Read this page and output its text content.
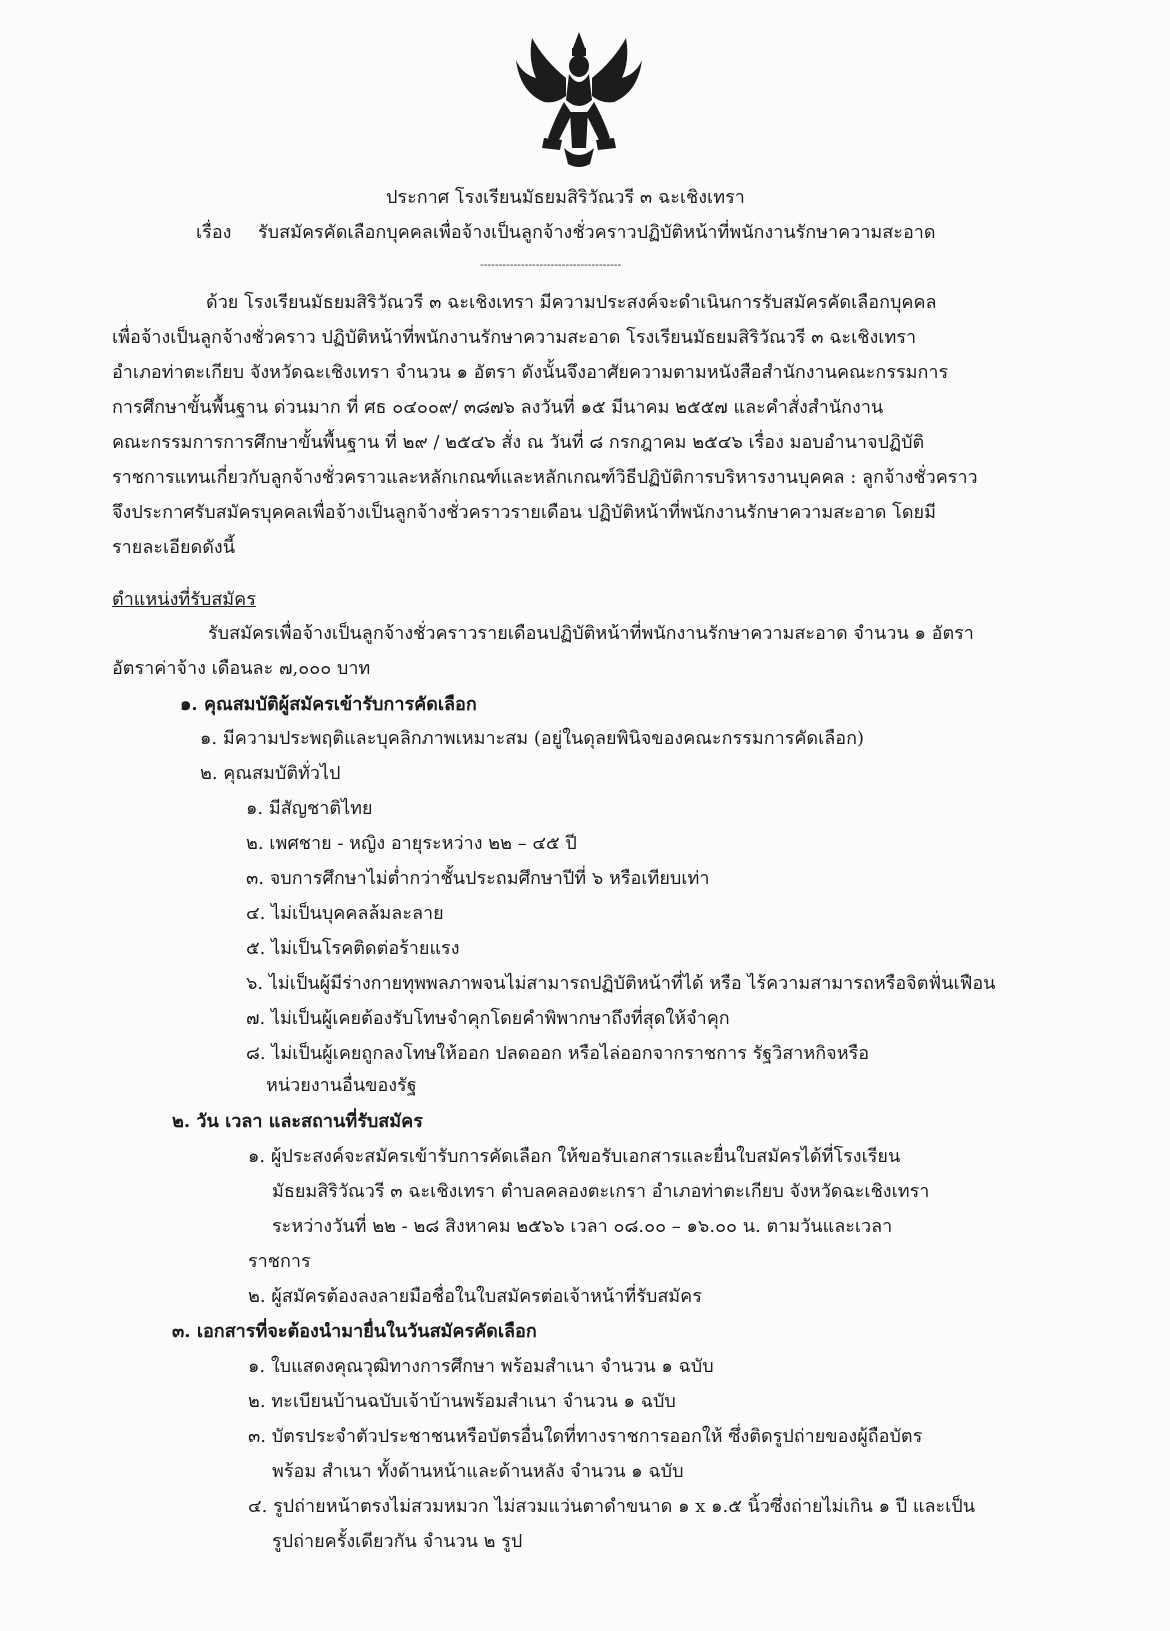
ประกาศ โรงเรียนมัธยมสิริวัณวรี ๓ ฉะเชิงเทรา
เรื่อง รับสมัครคัดเลือกบุคคลเพื่อจ้างเป็นลูกจ้างชั่วคราวปฏิบัติหน้าที่พนักงานรักษาความสะอาด
--------------------------------------
ด้วย โรงเรียนมัธยมสิริวัณวรี ๓ ฉะเชิงเทรา มีความประสงค์จะดำเนินการรับสมัครคัดเลือกบุคคล
เพื่อจ้างเป็นลูกจ้างชั่วคราว ปฏิบัติหน้าที่พนักงานรักษาความสะอาด โรงเรียนมัธยมสิริวัณวรี ๓ ฉะเชิงเทรา
อำเภอท่าตะเกียบ จังหวัดฉะเชิงเทรา จำนวน ๑ อัตรา ดังนั้นจึงอาศัยความตามหนังสือสำนักงานคณะกรรมการ
การศึกษาขั้นพื้นฐาน ด่วนมาก ที่ ศธ ๐๔๐๐๙/ ๓๘๗๖ ลงวันที่ ๑๕ มีนาคม ๒๕๕๗ และคำสั่งสำนักงาน
คณะกรรมการการศึกษาขั้นพื้นฐาน ที่ ๒๙ / ๒๕๔๖ สั่ง ณ วันที่ ๘ กรกฎาคม ๒๕๔๖ เรื่อง มอบอำนาจปฏิบัติ
ราชการแทนเกี่ยวกับลูกจ้างชั่วคราวและหลักเกณฑ์และหลักเกณฑ์วิธีปฏิบัติการบริหารงานบุคคล : ลูกจ้างชั่วคราว
จึงประกาศรับสมัครบุคคลเพื่อจ้างเป็นลูกจ้างชั่วคราวรายเดือน ปฏิบัติหน้าที่พนักงานรักษาความสะอาด โดยมี
รายละเอียดดังนี้
ตำแหน่งที่รับสมัคร
รับสมัครเพื่อจ้างเป็นลูกจ้างชั่วคราวรายเดือนปฏิบัติหน้าที่พนักงานรักษาความสะอาด จำนวน ๑ อัตรา
อัตราค่าจ้าง เดือนละ ๗,๐๐๐ บาท
๑. คุณสมบัติผู้สมัครเข้ารับการคัดเลือก
๑. มีความประพฤติและบุคลิกภาพเหมาะสม (อยู่ในดุลยพินิจของคณะกรรมการคัดเลือก)
๒. คุณสมบัติทั่วไป
๑. มีสัญชาติไทย
๒. เพศชาย - หญิง อายุระหว่าง ๒๒ – ๔๕ ปี
๓. จบการศึกษาไม่ต่ำกว่าชั้นประถมศึกษาปีที่ ๖ หรือเทียบเท่า
๔. ไม่เป็นบุคคลล้มละลาย
๕. ไม่เป็นโรคติดต่อร้ายแรง
๖. ไม่เป็นผู้มีร่างกายทุพพลภาพจนไม่สามารถปฏิบัติหน้าที่ได้ หรือ ไร้ความสามารถหรือจิตฟั่นเฟือน
๗. ไม่เป็นผู้เคยต้องรับโทษจำคุกโดยคำพิพากษาถึงที่สุดให้จำคุก
๘. ไม่เป็นผู้เคยถูกลงโทษให้ออก ปลดออก หรือไล่ออกจากราชการ รัฐวิสาหกิจหรือ
หน่วยงานอื่นของรัฐ
๒. วัน เวลา และสถานที่รับสมัคร
๑. ผู้ประสงค์จะสมัครเข้ารับการคัดเลือก ให้ขอรับเอกสารและยื่นใบสมัครได้ที่โรงเรียน
มัธยมสิริวัณวรี ๓ ฉะเชิงเทรา ตำบลคลองตะเกรา อำเภอท่าตะเกียบ จังหวัดฉะเชิงเทรา
ระหว่างวันที่ ๒๒ - ๒๘ สิงหาคม ๒๕๖๖ เวลา ๐๘.๐๐ – ๑๖.๐๐ น. ตามวันและเวลา
ราชการ
๒. ผู้สมัครต้องลงลายมือชื่อในใบสมัครต่อเจ้าหน้าที่รับสมัคร
๓. เอกสารที่จะต้องนำมายื่นในวันสมัครคัดเลือก
๑. ใบแสดงคุณวุฒิทางการศึกษา พร้อมสำเนา จำนวน ๑ ฉบับ
๒. ทะเบียนบ้านฉบับเจ้าบ้านพร้อมสำเนา จำนวน ๑ ฉบับ
๓. บัตรประจำตัวประชาชนหรือบัตรอื่นใดที่ทางราชการออกให้ ซึ่งติดรูปถ่ายของผู้ถือบัตร
พร้อม สำเนา ทั้งด้านหน้าและด้านหลัง จำนวน ๑ ฉบับ
๔. รูปถ่ายหน้าตรงไม่สวมหมวก ไม่สวมแว่นตาดำขนาด ๑ x ๑.๕ นิ้วซึ่งถ่ายไม่เกิน ๑ ปี และเป็น
รูปถ่ายครั้งเดียวกัน จำนวน ๒ รูป
